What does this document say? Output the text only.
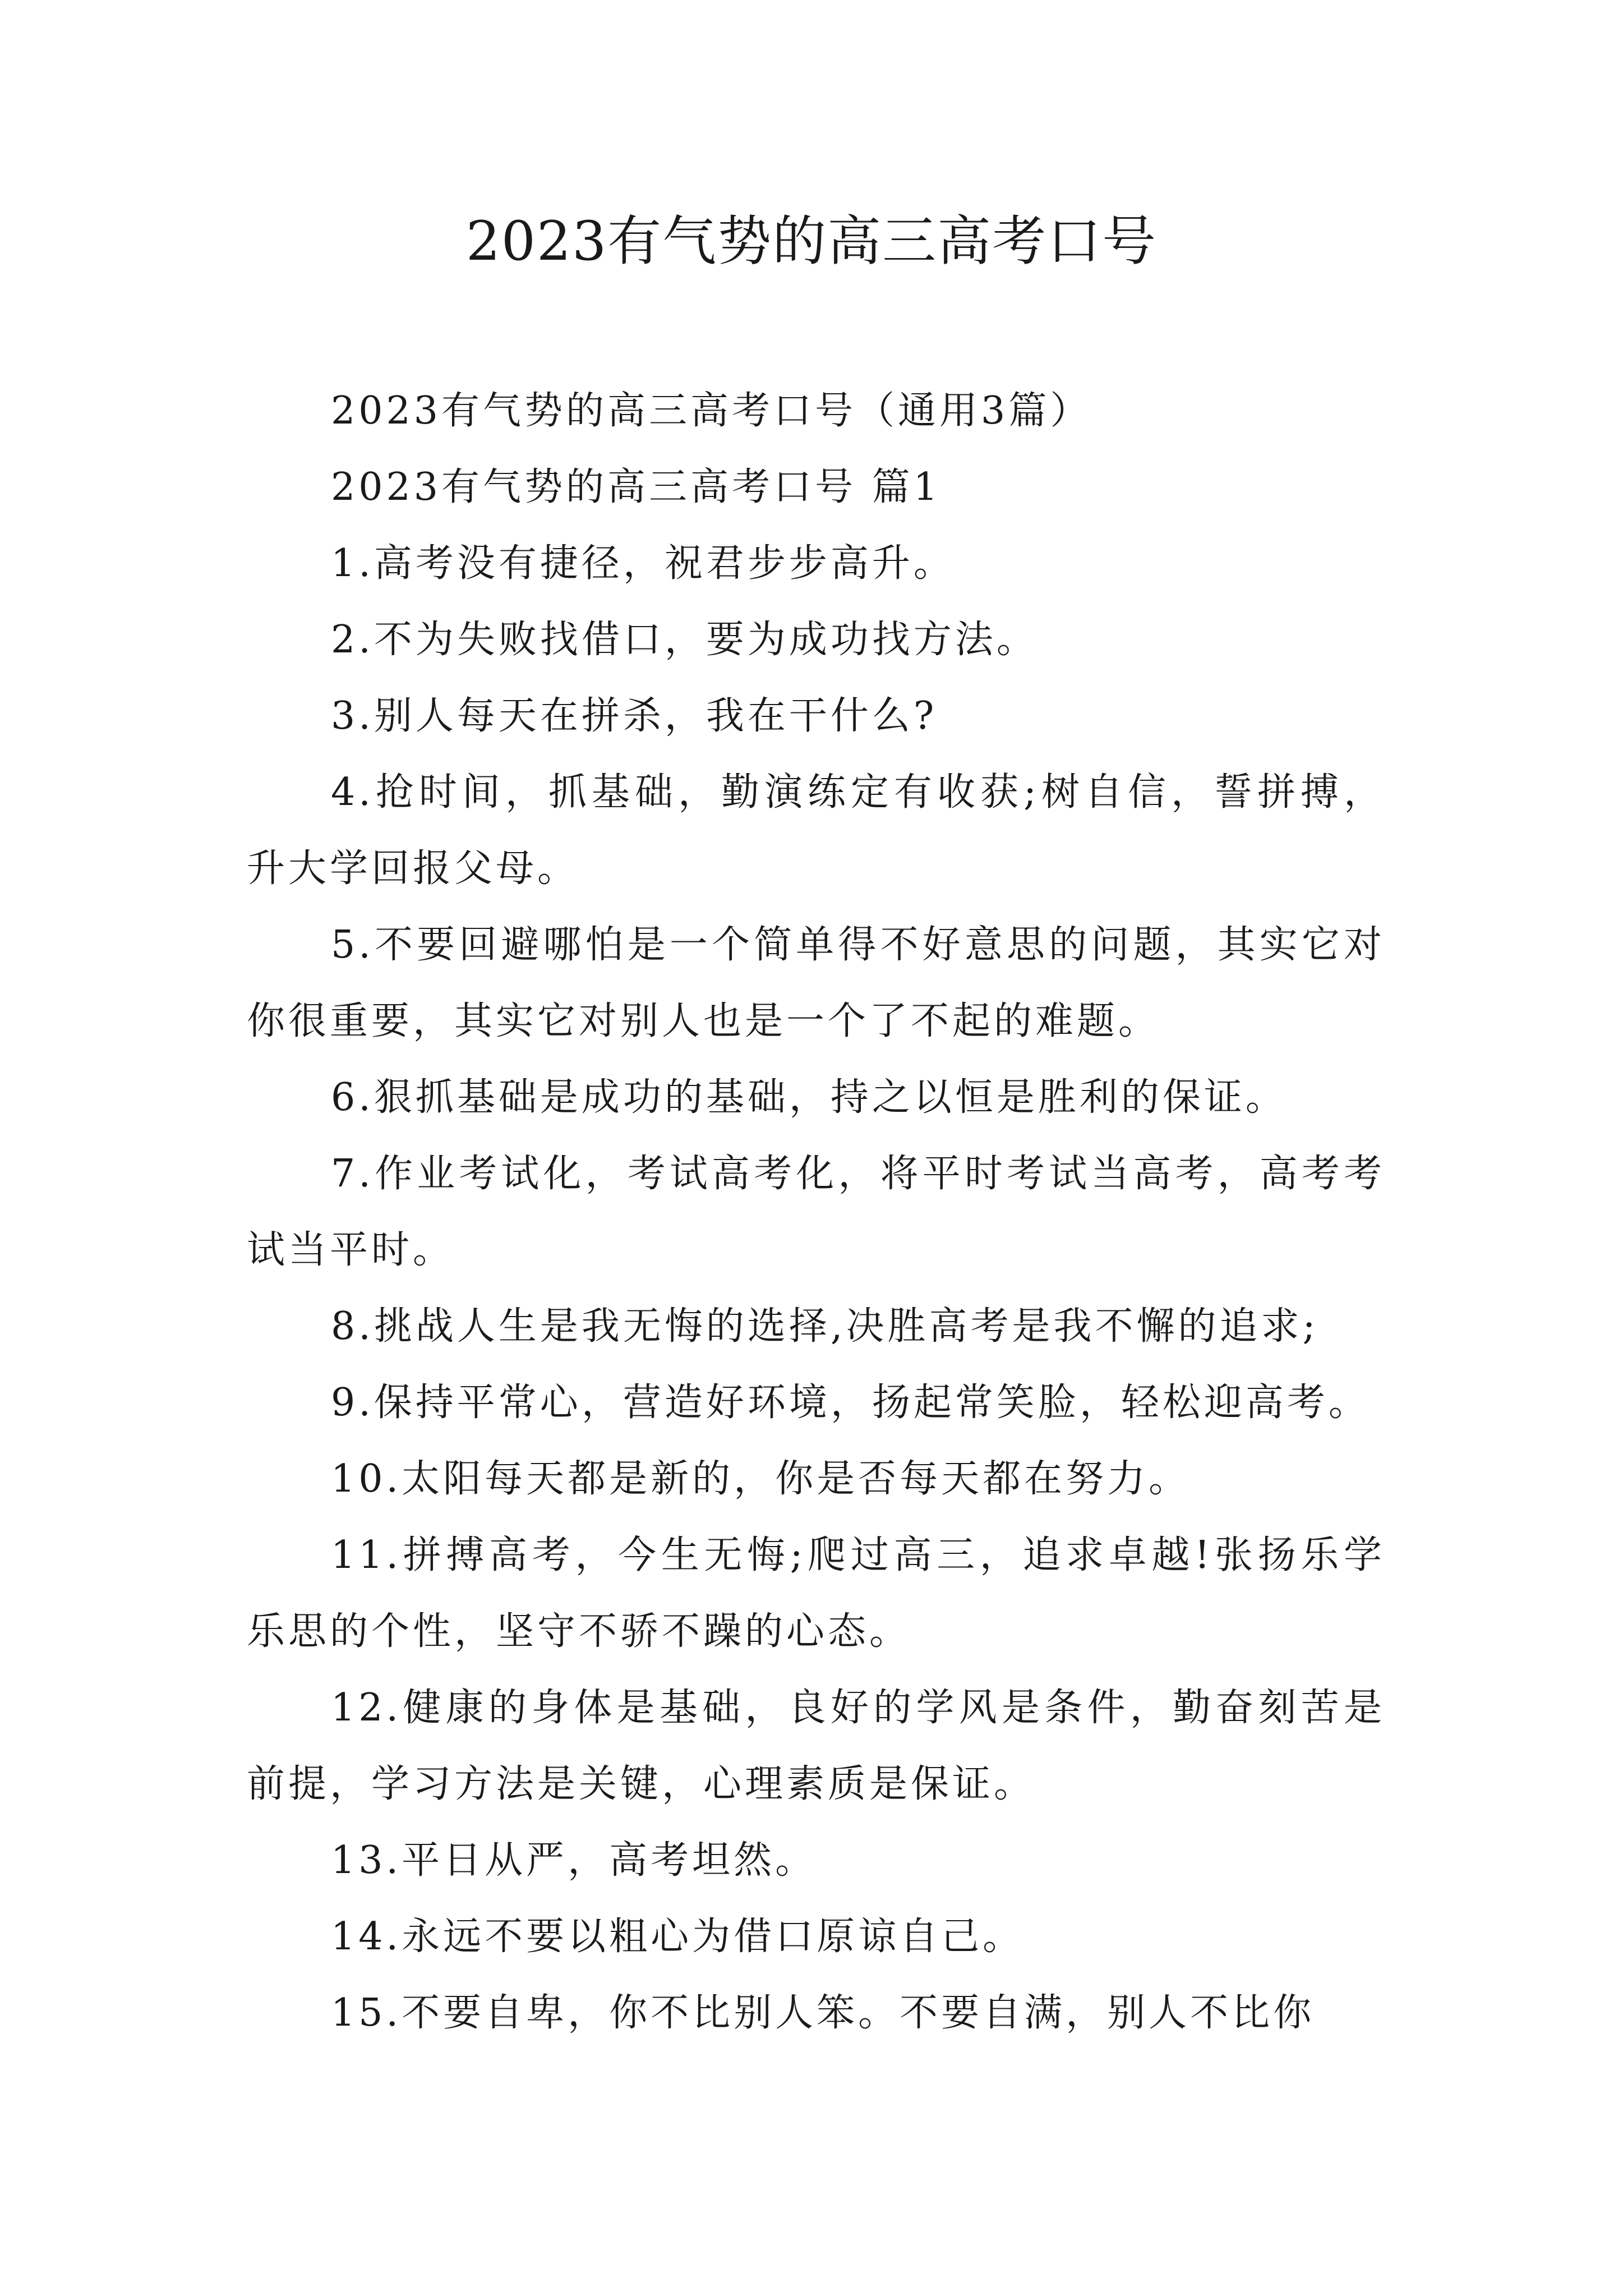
2023有气势的高三高考口号

2023有气势的高三高考口号（通用3篇）

2023有气势的高三高考口号 篇1

1.高考没有捷径，祝君步步高升。

2.不为失败找借口，要为成功找方法。

3.别人每天在拼杀，我在干什么?

4.抢时间，抓基础，勤演练定有收获;树自信，誓拼搏，升大学回报父母。

5.不要回避哪怕是一个简单得不好意思的问题，其实它对你很重要，其实它对别人也是一个了不起的难题。

6.狠抓基础是成功的基础，持之以恒是胜利的保证。

7.作业考试化，考试高考化，将平时考试当高考，高考考试当平时。

8.挑战人生是我无悔的选择,决胜高考是我不懈的追求;

9.保持平常心，营造好环境，扬起常笑脸，轻松迎高考。

10.太阳每天都是新的，你是否每天都在努力。

11.拼搏高考，今生无悔;爬过高三，追求卓越!张扬乐学乐思的个性，坚守不骄不躁的心态。

12.健康的身体是基础，良好的学风是条件，勤奋刻苦是前提，学习方法是关键，心理素质是保证。

13.平日从严，高考坦然。

14.永远不要以粗心为借口原谅自己。

15.不要自卑，你不比别人笨。不要自满，别人不比你
